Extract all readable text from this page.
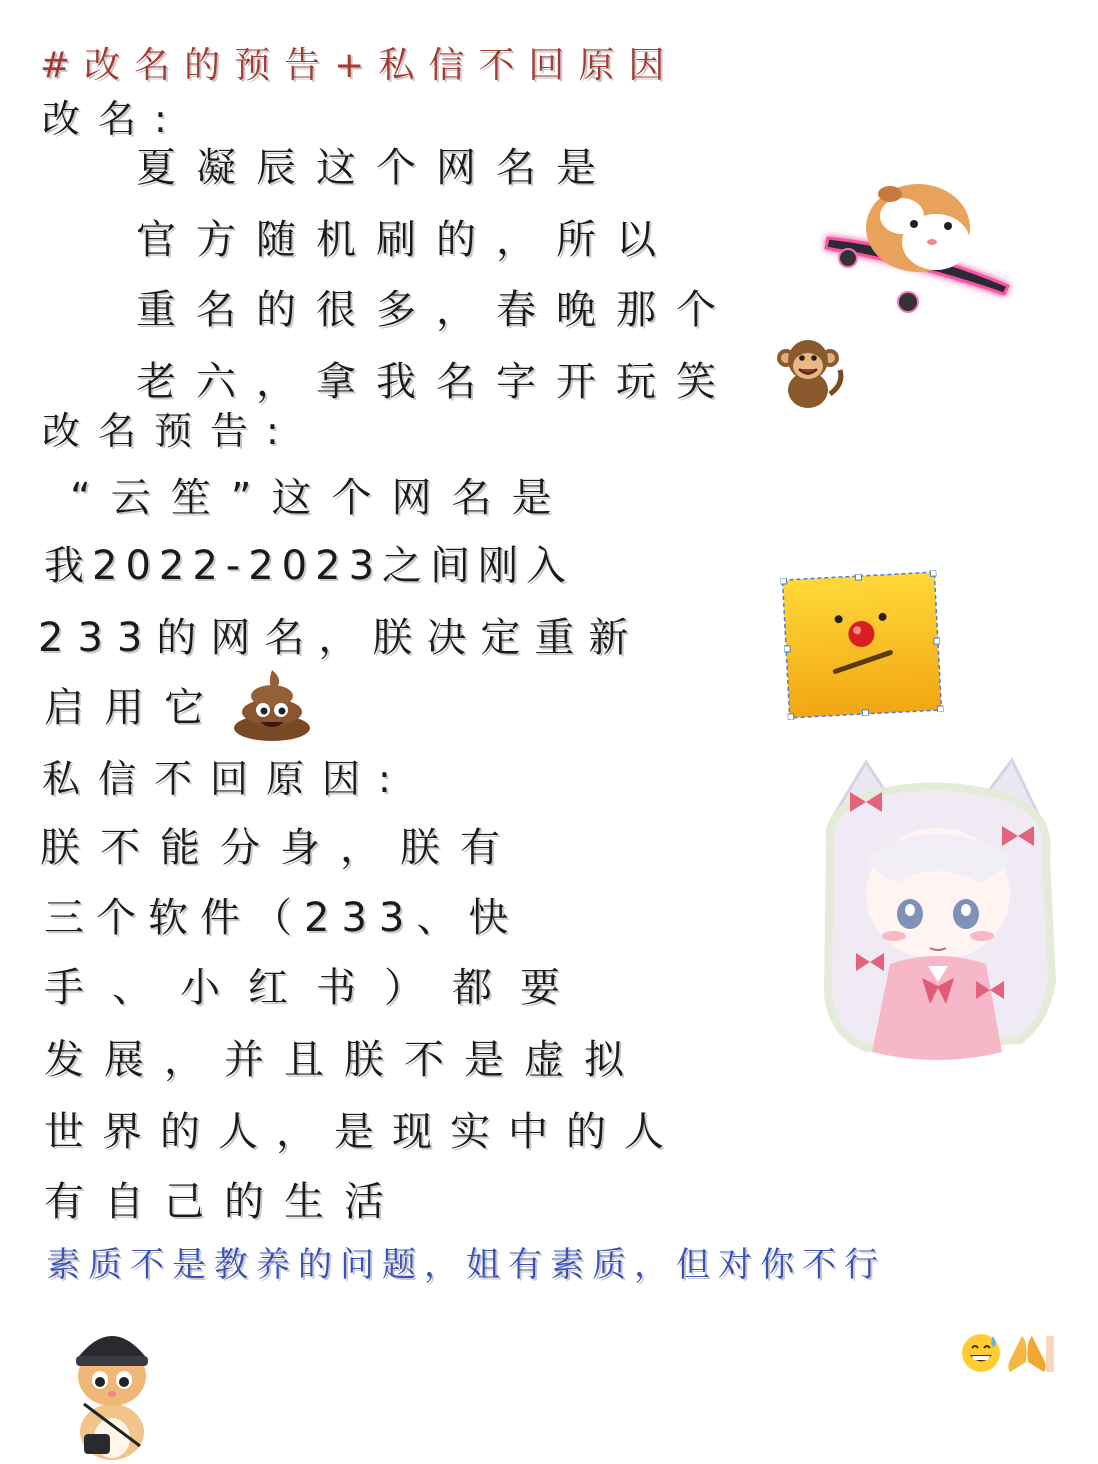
#改名的预告+私信不回原因
改名:
夏凝辰这个网名是
官方随机刷的，所以
重名的很多，春晚那个
老六，拿我名字开玩笑
改名预告:
“云笙”这个网名是
我2022-2023之间刚入
233的网名，朕决定重新
启用它
私信不回原因:
朕不能分身，朕有
三个软件（233、快
手、小红书）都要
发展，并且朕不是虚拟
世界的人，是现实中的人
有自己的生活
素质不是教养的问题，姐有素质，但对你不行
